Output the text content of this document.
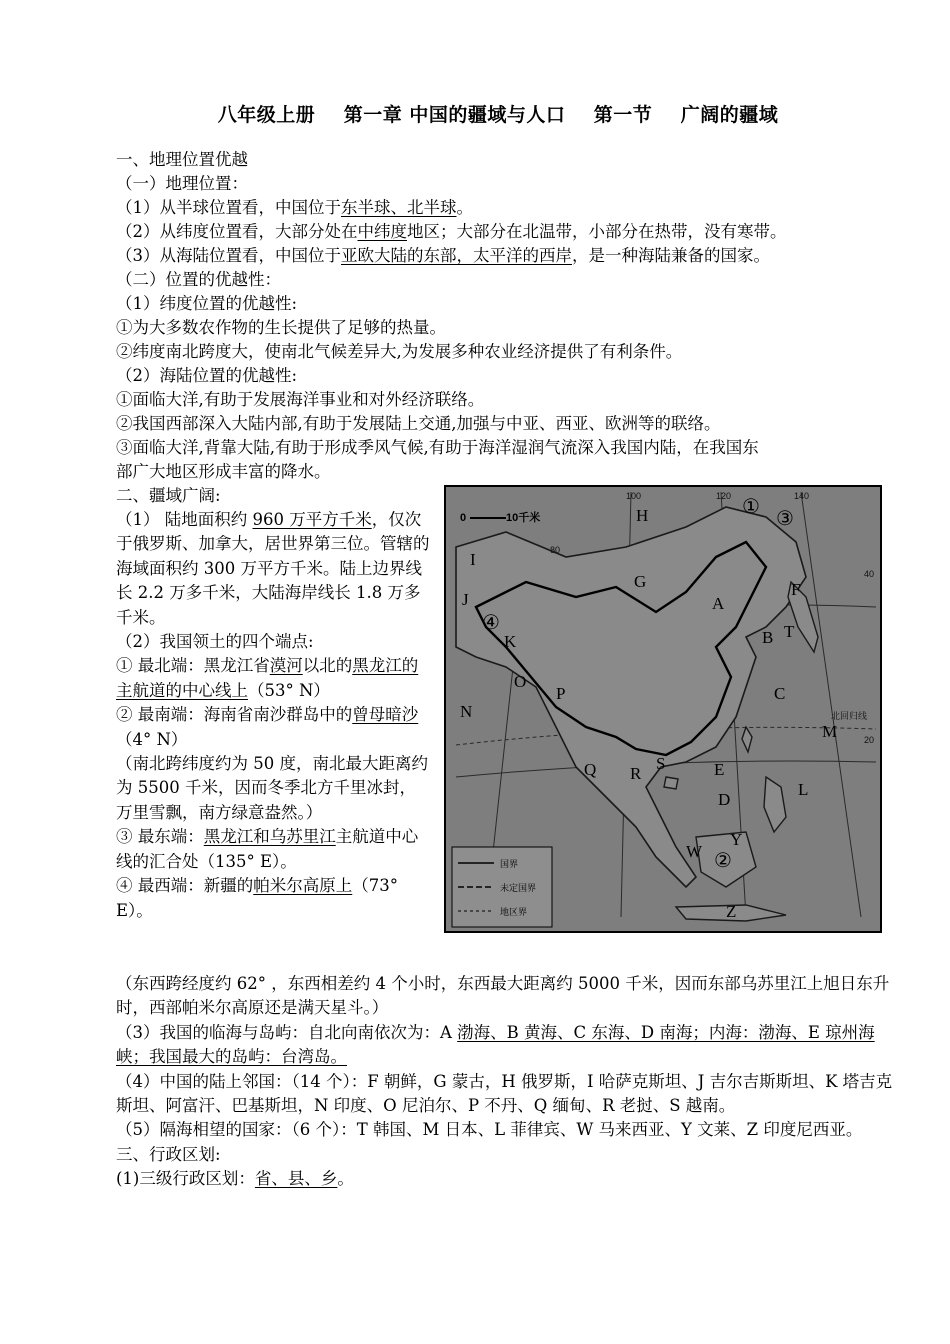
八年级上册    第一章 中国的疆域与人口    第一节    广阔的疆域
一、地理位置优越
（一）地理位置：
（1）从半球位置看，中国位于东半球、北半球。
（2）从纬度位置看，大部分处在中纬度地区；大部分在北温带，小部分在热带，没有寒带。
（3）从海陆位置看，中国位于亚欧大陆的东部，太平洋的西岸，是一种海陆兼备的国家。
（二）位置的优越性：
（1）纬度位置的优越性:
①为大多数农作物的生长提供了足够的热量。
②纬度南北跨度大，使南北气候差异大,为发展多种农业经济提供了有利条件。
（2）海陆位置的优越性:
①面临大洋,有助于发展海洋事业和对外经济联络。
②我国西部深入大陆内部,有助于发展陆上交通,加强与中亚、西亚、欧洲等的联络。
③面临大洋,背靠大陆,有助于形成季风气候,有助于海洋湿润气流深入我国内陆，在我国东
部广大地区形成丰富的降水。
二、疆域广阔:
（1） 陆地面积约 960 万平方千米，仅次于俄罗斯、加拿大，居世界第三位。管辖的海域面积约 300 万平方千米。陆上边界线长 2.2 万多千米，大陆海岸线长 1.8 万多千米。
（2）我国领土的四个端点:
① 最北端：黑龙江省漠河以北的黑龙江的主航道的中心线上（53° N）
② 最南端：海南省南沙群岛中的曾母暗沙（4° N）
（南北跨纬度约为 50 度，南北最大距离约为 5500 千米，因而冬季北方千里冰封，万里雪飘，南方绿意盎然。）
③ 最东端：黑龙江和乌苏里江主航道中心线的汇合处（135° E）。
④ 最西端：新疆的帕米尔高原上（73° E）。
（东西跨经度约 62° ，东西相差约 4 个小时，东西最大距离约 5000 千米，因而东部乌苏里江上旭日东升时，西部帕米尔高原还是满天星斗。）
（3）我国的临海与岛屿：自北向南依次为：A 渤海、B 黄海、C 东海、D 南海；内海：渤海、E 琼州海峡；我国最大的岛屿：台湾岛。
（4）中国的陆上邻国：（14 个）：F 朝鲜，G 蒙古，H 俄罗斯，I 哈萨克斯坦、J 吉尔吉斯斯坦、K 塔吉克斯坦、阿富汗、巴基斯坦，N 印度、O 尼泊尔、P 不丹、Q 缅甸、R 老挝、S 越南。
（5）隔海相望的国家：（6 个）：T 韩国、M 日本、L 菲律宾、W 马来西亚、Y 文莱、Z 印度尼西亚。
三、行政区划:
(1)三级行政区划：省、县、乡。
100	120	140
80
40
20
北回归线
0	10千米	①
③
④
②
H
I
J
K
G
A
F
B T
C
N
O
P
Q R
S	E
D
L
W
Y
Z
M
国界
未定国界
地区界
